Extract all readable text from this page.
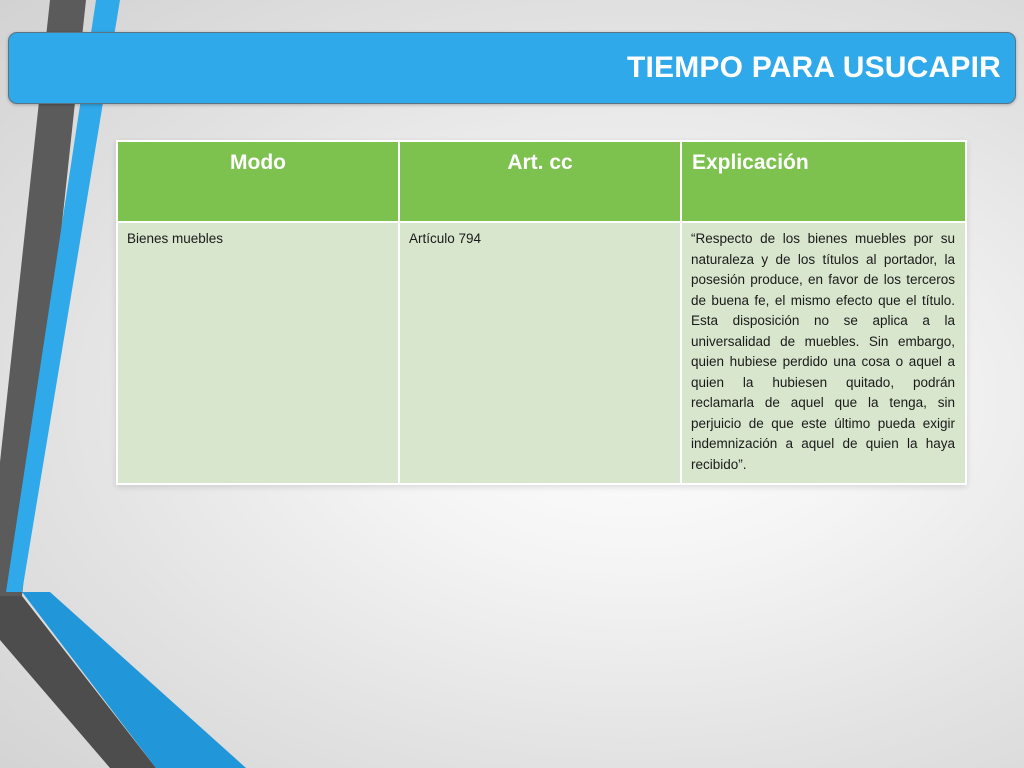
TIEMPO PARA USUCAPIR
Modo	Art. cc	Explicación
Bienes muebles	Artículo 794	“Respecto de los bienes muebles por su naturaleza y de los títulos al portador, la posesión produce, en favor de los terceros de buena fe, el mismo efecto que el título. Esta disposición no se aplica a la universalidad de muebles. Sin embargo, quien hubiese perdido una cosa o aquel a quien la hubiesen quitado, podrán reclamarla de aquel que la tenga, sin perjuicio de que este último pueda exigir indemnización a aquel de quien la haya recibido”.
